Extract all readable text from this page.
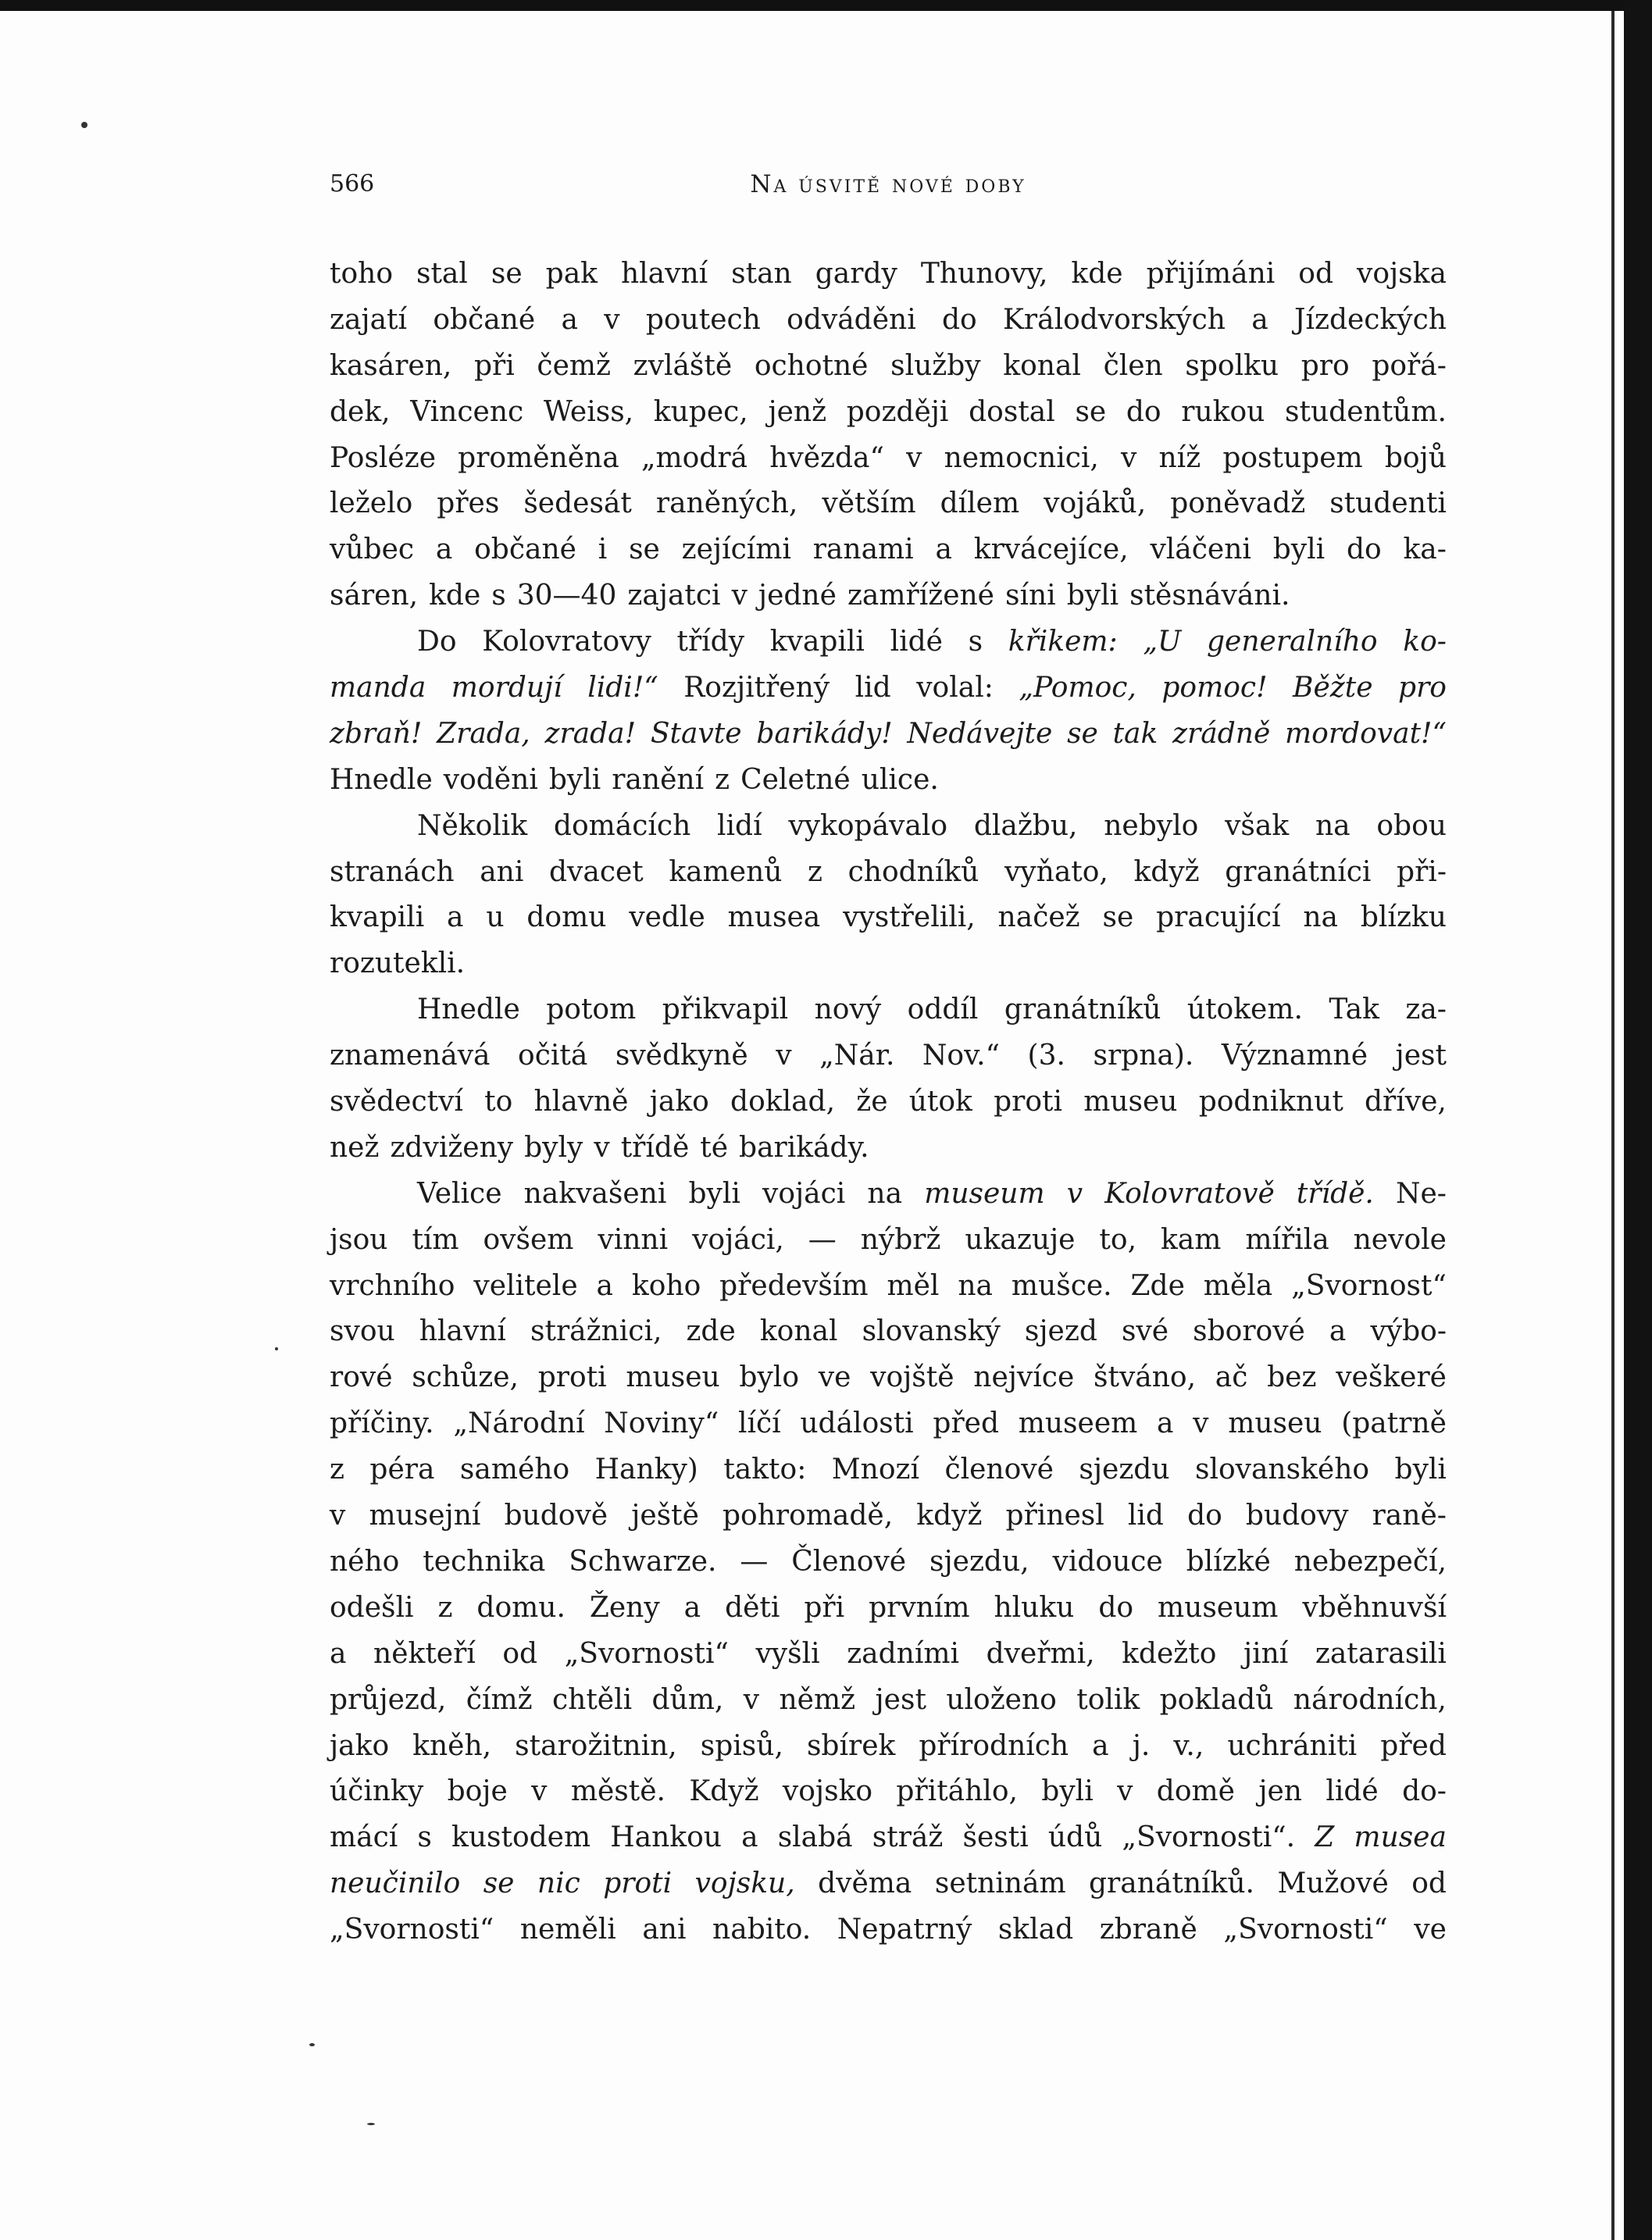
566	Na úsvitě nové doby
toho stal se pak hlavní stan gardy Thunovy, kde přijímáni od vojska
zajatí občané a v poutech odváděni do Králodvorských a Jízdeckých
kasáren, při čemž zvláště ochotné služby konal člen spolku pro pořá-
dek, Vincenc Weiss, kupec, jenž později dostal se do rukou studentům.
Posléze proměněna „modrá hvězda“ v nemocnici, v níž postupem bojů
leželo přes šedesát raněných, větším dílem vojáků, poněvadž studenti
vůbec a občané i se zejícími ranami a krvácejíce, vláčeni byli do ka-
sáren, kde s 30—40 zajatci v jedné zamřížené síni byli stěsnáváni.
Do Kolovratovy třídy kvapili lidé s křikem: „U generalního ko-
manda mordují lidi!“ Rozjitřený lid volal: „Pomoc, pomoc! Běžte pro
zbraň! Zrada, zrada! Stavte barikády! Nedávejte se tak zrádně mordovat!“
Hnedle voděni byli ranění z Celetné ulice.
Několik domácích lidí vykopávalo dlažbu, nebylo však na obou
stranách ani dvacet kamenů z chodníků vyňato, když granátníci při-
kvapili a u domu vedle musea vystřelili, načež se pracující na blízku
rozutekli.
Hnedle potom přikvapil nový oddíl granátníků útokem. Tak za-
znamenává očitá svědkyně v „Nár. Nov.“ (3. srpna). Významné jest
svědectví to hlavně jako doklad, že útok proti museu podniknut dříve,
než zdviženy byly v třídě té barikády.
Velice nakvašeni byli vojáci na museum v Kolovratově třídě. Ne-
jsou tím ovšem vinni vojáci, — nýbrž ukazuje to, kam mířila nevole
vrchního velitele a koho především měl na mušce. Zde měla „Svornost“
svou hlavní strážnici, zde konal slovanský sjezd své sborové a výbo-
rové schůze, proti museu bylo ve vojště nejvíce štváno, ač bez veškeré
příčiny. „Národní Noviny“ líčí události před museem a v museu (patrně
z péra samého Hanky) takto: Mnozí členové sjezdu slovanského byli
v musejní budově ještě pohromadě, když přinesl lid do budovy raně-
ného technika Schwarze. — Členové sjezdu, vidouce blízké nebezpečí,
odešli z domu. Ženy a děti při prvním hluku do museum vběhnuvší
a někteří od „Svornosti“ vyšli zadními dveřmi, kdežto jiní zatarasili
průjezd, čímž chtěli dům, v němž jest uloženo tolik pokladů národních,
jako kněh, starožitnin, spisů, sbírek přírodních a j. v., uchrániti před
účinky boje v městě. Když vojsko přitáhlo, byli v domě jen lidé do-
mácí s kustodem Hankou a slabá stráž šesti údů „Svornosti“. Z musea
neučinilo se nic proti vojsku, dvěma setninám granátníků. Mužové od
„Svornosti“ neměli ani nabito. Nepatrný sklad zbraně „Svornosti“ ve
